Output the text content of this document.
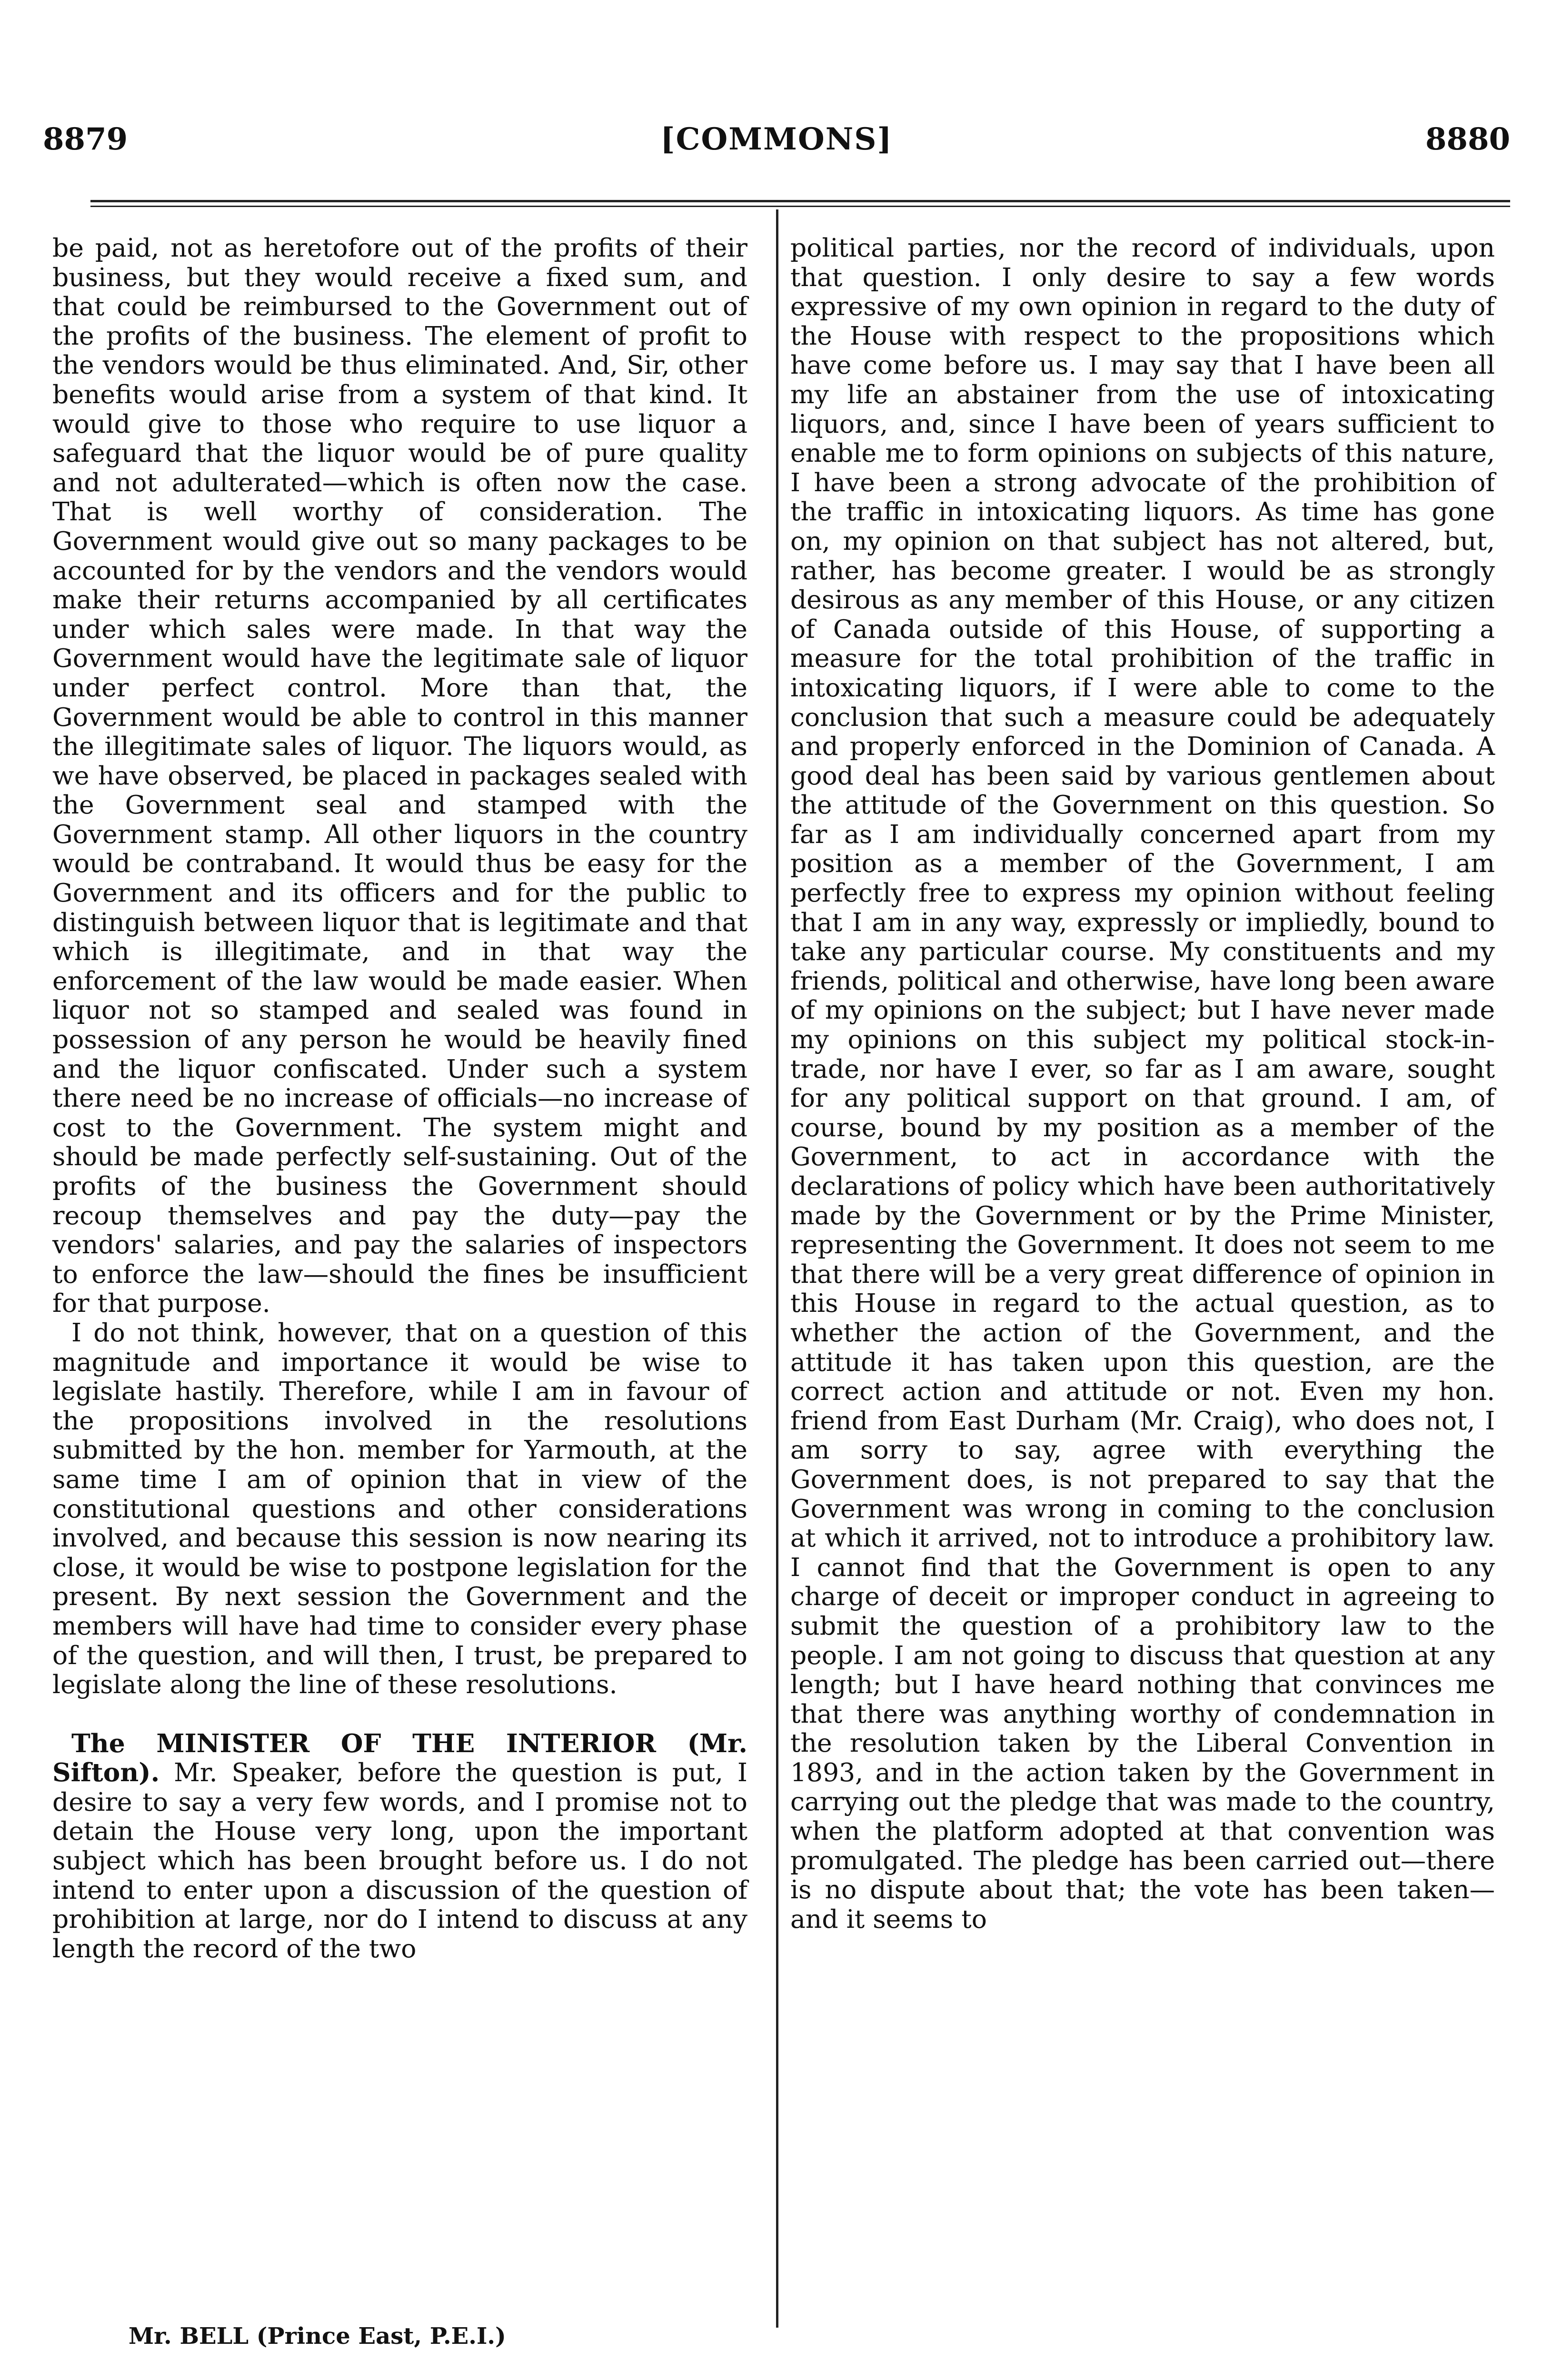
8879	[COMMONS]	8880

be paid, not as heretofore out of the profits of their business, but they would receive a fixed sum, and that could be reimbursed to the Government out of the profits of the business. The element of profit to the vendors would be thus eliminated. And, Sir, other benefits would arise from a system of that kind. It would give to those who require to use liquor a safeguard that the liquor would be of pure quality and not adulterated—which is often now the case. That is well worthy of consideration. The Government would give out so many packages to be accounted for by the vendors and the vendors would make their returns accompanied by all certificates under which sales were made. In that way the Government would have the legitimate sale of liquor under perfect control. More than that, the Government would be able to control in this manner the illegitimate sales of liquor. The liquors would, as we have observed, be placed in packages sealed with the Government seal and stamped with the Government stamp. All other liquors in the country would be contraband. It would thus be easy for the Government and its officers and for the public to distinguish between liquor that is legitimate and that which is illegitimate, and in that way the enforcement of the law would be made easier. When liquor not so stamped and sealed was found in possession of any person he would be heavily fined and the liquor confiscated. Under such a system there need be no increase of officials—no increase of cost to the Government. The system might and should be made perfectly self-sustaining. Out of the profits of the business the Government should recoup themselves and pay the duty—pay the vendors' salaries, and pay the salaries of inspectors to enforce the law—should the fines be insufficient for that purpose.

I do not think, however, that on a question of this magnitude and importance it would be wise to legislate hastily. Therefore, while I am in favour of the propositions involved in the resolutions submitted by the hon. member for Yarmouth, at the same time I am of opinion that in view of the constitutional questions and other considerations involved, and because this session is now nearing its close, it would be wise to postpone legislation for the present. By next session the Government and the members will have had time to consider every phase of the question, and will then, I trust, be prepared to legislate along the line of these resolutions.

The MINISTER OF THE INTERIOR (Mr. Sifton). Mr. Speaker, before the question is put, I desire to say a very few words, and I promise not to detain the House very long, upon the important subject which has been brought before us. I do not intend to enter upon a discussion of the question of prohibition at large, nor do I intend to discuss at any length the record of the two

political parties, nor the record of individuals, upon that question. I only desire to say a few words expressive of my own opinion in regard to the duty of the House with respect to the propositions which have come before us. I may say that I have been all my life an abstainer from the use of intoxicating liquors, and, since I have been of years sufficient to enable me to form opinions on subjects of this nature, I have been a strong advocate of the prohibition of the traffic in intoxicating liquors. As time has gone on, my opinion on that subject has not altered, but, rather, has become greater. I would be as strongly desirous as any member of this House, or any citizen of Canada outside of this House, of supporting a measure for the total prohibition of the traffic in intoxicating liquors, if I were able to come to the conclusion that such a measure could be adequately and properly enforced in the Dominion of Canada. A good deal has been said by various gentlemen about the attitude of the Government on this question. So far as I am individually concerned apart from my position as a member of the Government, I am perfectly free to express my opinion without feeling that I am in any way, expressly or impliedly, bound to take any particular course. My constituents and my friends, political and otherwise, have long been aware of my opinions on the subject; but I have never made my opinions on this subject my political stock-in-trade, nor have I ever, so far as I am aware, sought for any political support on that ground. I am, of course, bound by my position as a member of the Government, to act in accordance with the declarations of policy which have been authoritatively made by the Government or by the Prime Minister, representing the Government. It does not seem to me that there will be a very great difference of opinion in this House in regard to the actual question, as to whether the action of the Government, and the attitude it has taken upon this question, are the correct action and attitude or not. Even my hon. friend from East Durham (Mr. Craig), who does not, I am sorry to say, agree with everything the Government does, is not prepared to say that the Government was wrong in coming to the conclusion at which it arrived, not to introduce a prohibitory law. I cannot find that the Government is open to any charge of deceit or improper conduct in agreeing to submit the question of a prohibitory law to the people. I am not going to discuss that question at any length; but I have heard nothing that convinces me that there was anything worthy of condemnation in the resolution taken by the Liberal Convention in 1893, and in the action taken by the Government in carrying out the pledge that was made to the country, when the platform adopted at that convention was promulgated. The pledge has been carried out—there is no dispute about that; the vote has been taken—and it seems to

Mr. BELL (Prince East, P.E.I.)
